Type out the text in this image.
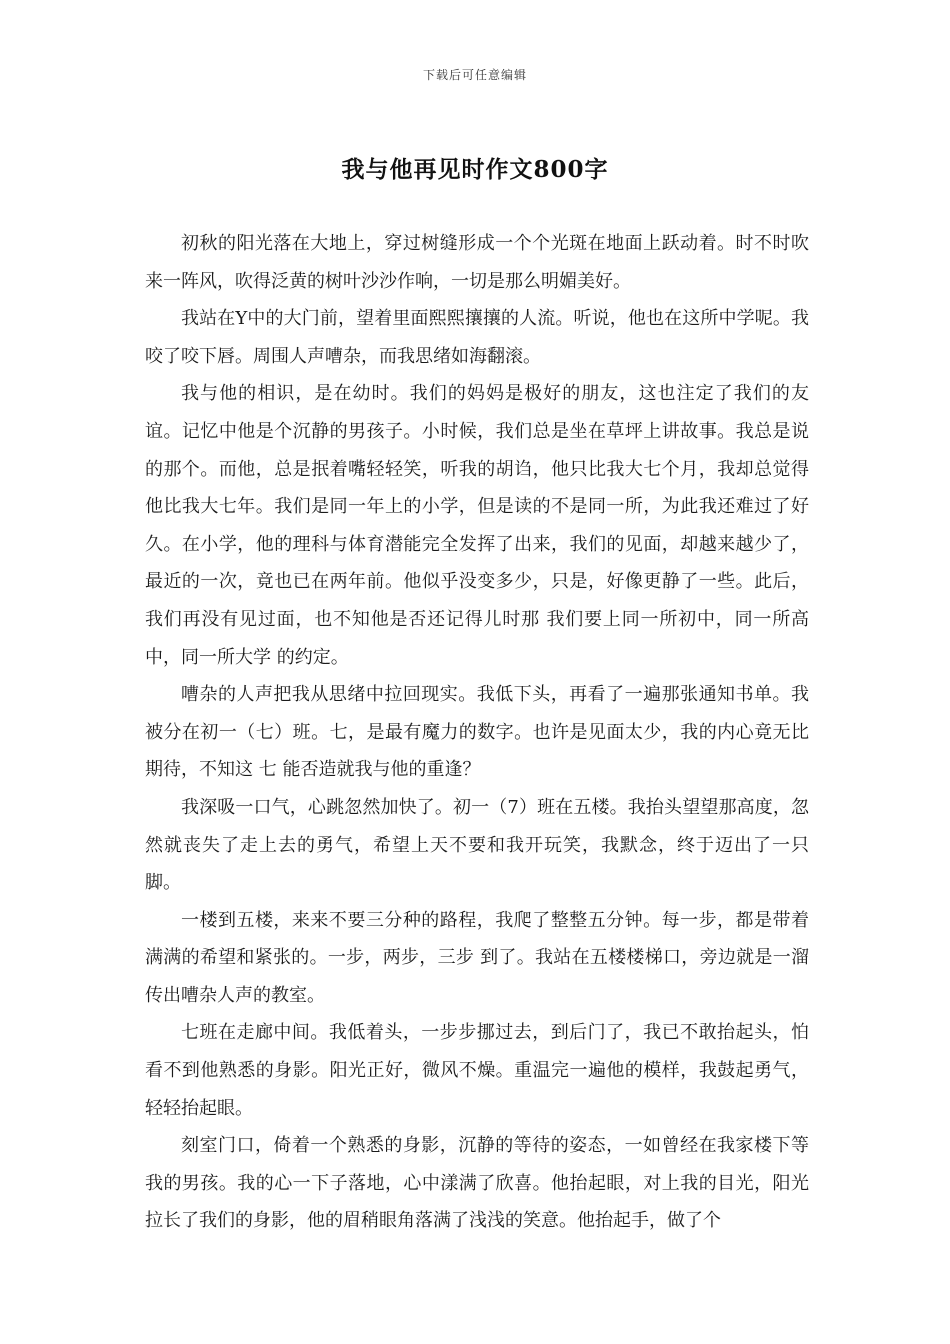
下载后可任意编辑
我与他再见时作文800字

初秋的阳光落在大地上，穿过树缝形成一个个光斑在地面上跃动着。时不时吹来一阵风，吹得泛黄的树叶沙沙作响，一切是那么明媚美好。

我站在Y中的大门前，望着里面熙熙攘攘的人流。听说，他也在这所中学呢。我咬了咬下唇。周围人声嘈杂，而我思绪如海翻滚。

我与他的相识，是在幼时。我们的妈妈是极好的朋友，这也注定了我们的友谊。记忆中他是个沉静的男孩子。小时候，我们总是坐在草坪上讲故事。我总是说的那个。而他，总是抿着嘴轻轻笑，听我的胡诌，他只比我大七个月，我却总觉得他比我大七年。我们是同一年上的小学，但是读的不是同一所，为此我还难过了好久。在小学，他的理科与体育潜能完全发挥了出来，我们的见面，却越来越少了，最近的一次，竟也已在两年前。他似乎没变多少，只是，好像更静了一些。此后，我们再没有见过面，也不知他是否还记得儿时那 我们要上同一所初中，同一所高中，同一所大学 的约定。

嘈杂的人声把我从思绪中拉回现实。我低下头，再看了一遍那张通知书单。我被分在初一（七）班。七，是最有魔力的数字。也许是见面太少，我的内心竟无比期待，不知这 七 能否造就我与他的重逢？

我深吸一口气，心跳忽然加快了。初一（7）班在五楼。我抬头望望那高度，忽然就丧失了走上去的勇气，希望上天不要和我开玩笑，我默念，终于迈出了一只脚。

一楼到五楼，来来不要三分种的路程，我爬了整整五分钟。每一步，都是带着满满的希望和紧张的。一步，两步，三步 到了。我站在五楼楼梯口，旁边就是一溜传出嘈杂人声的教室。

七班在走廊中间。我低着头，一步步挪过去，到后门了，我已不敢抬起头，怕看不到他熟悉的身影。阳光正好，微风不燥。重温完一遍他的模样，我鼓起勇气，轻轻抬起眼。

刻室门口，倚着一个熟悉的身影，沉静的等待的姿态，一如曾经在我家楼下等我的男孩。我的心一下子落地，心中漾满了欣喜。他抬起眼，对上我的目光，阳光拉长了我们的身影，他的眉稍眼角落满了浅浅的笑意。他抬起手，做了个
